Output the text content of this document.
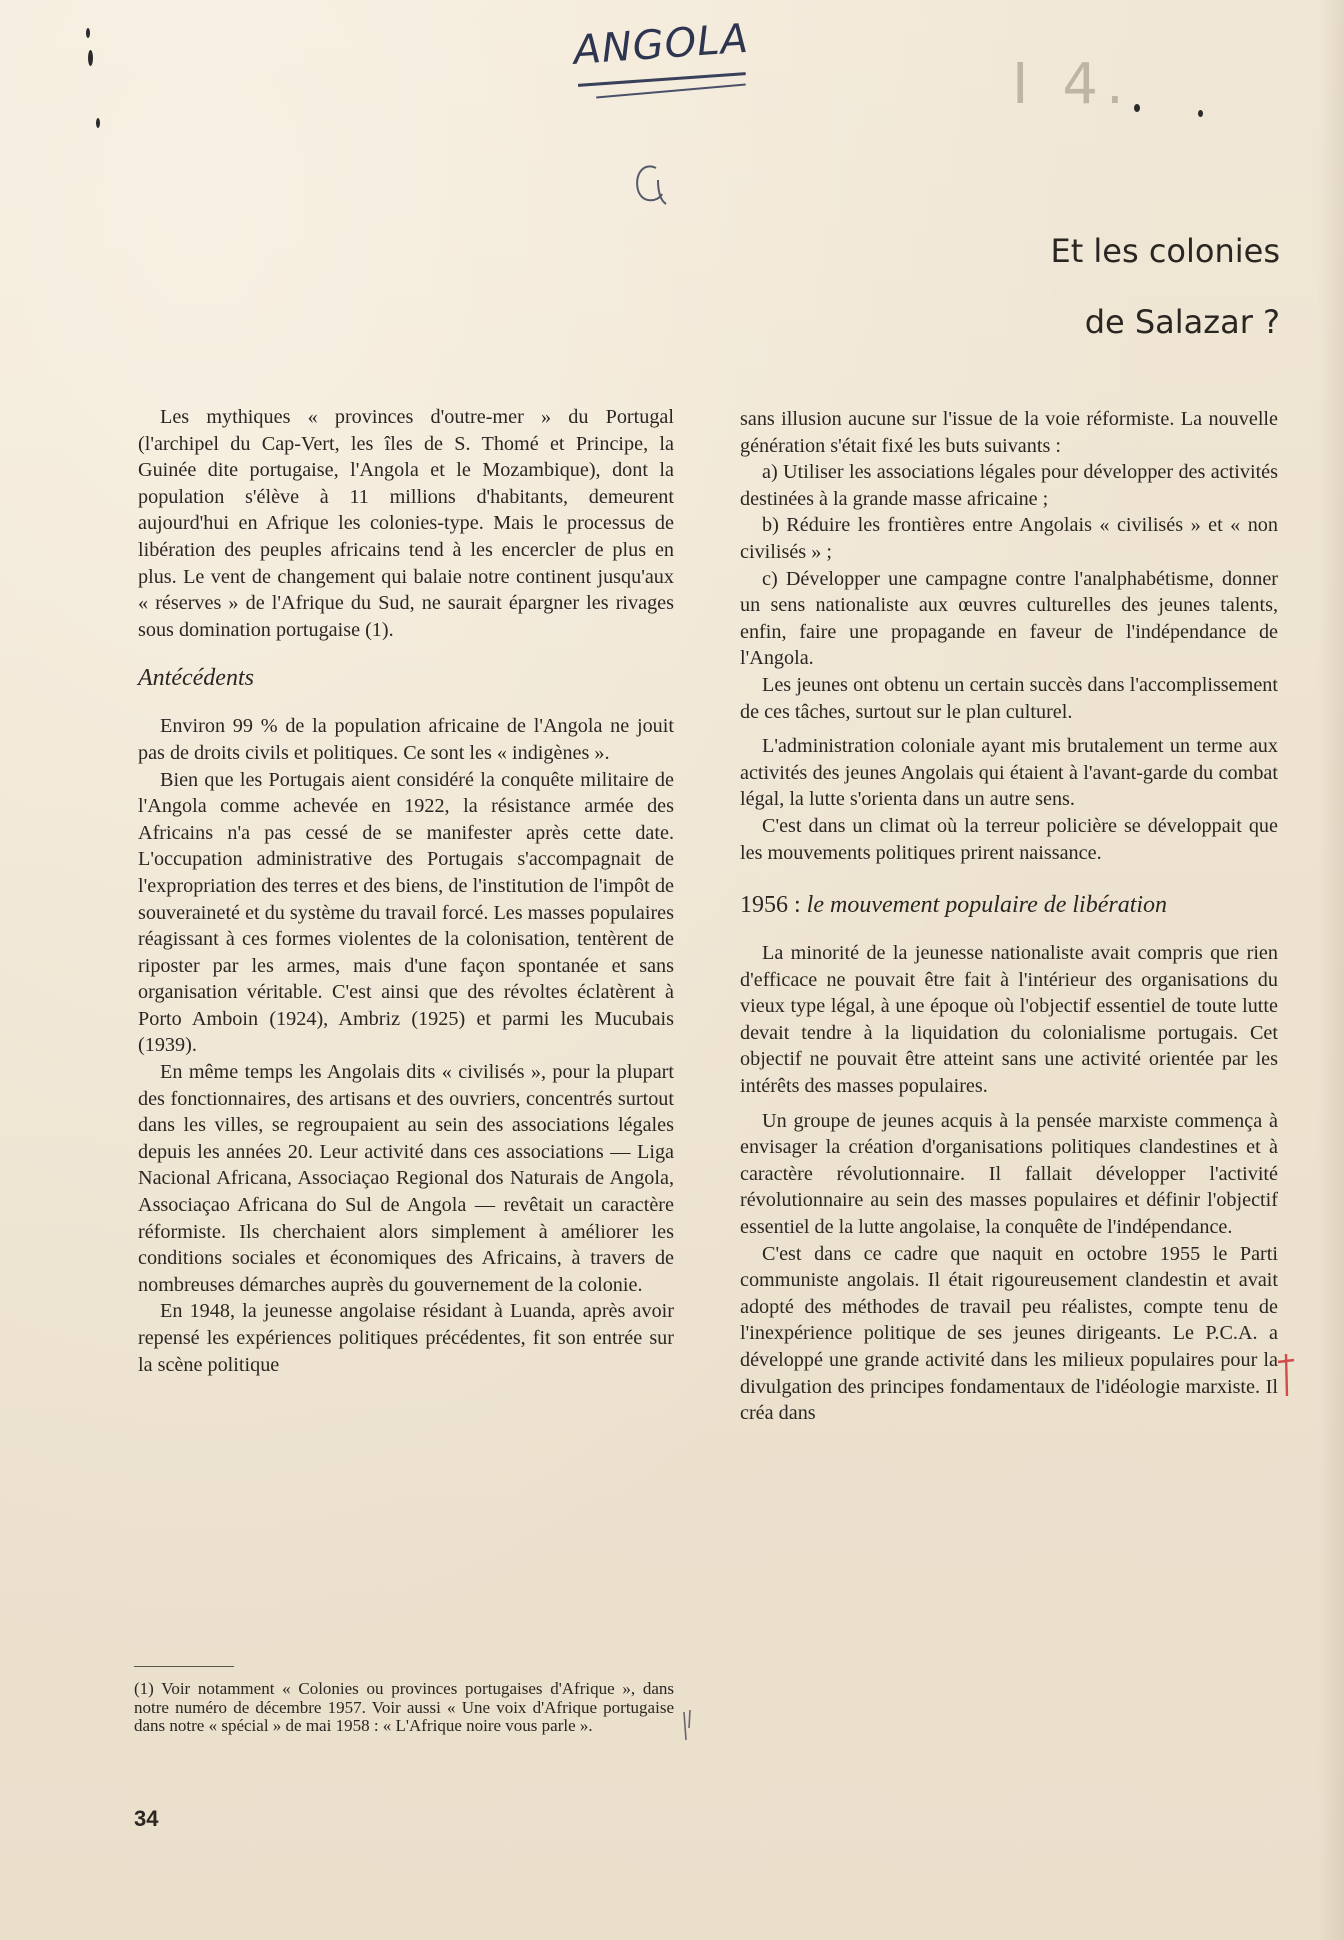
ANGOLA
I 4.
Et les colonies
de Salazar ?

Les mythiques « provinces d'outre-mer » du Portugal (l'archipel du Cap-Vert, les îles de S. Thomé et Principe, la Guinée dite portugaise, l'Angola et le Mozambique), dont la population s'élève à 11 millions d'habitants, demeurent aujourd'hui en Afrique les colonies-type. Mais le processus de libération des peuples africains tend à les encercler de plus en plus. Le vent de changement qui balaie notre continent jusqu'aux « réserves » de l'Afrique du Sud, ne saurait épargner les rivages sous domination portugaise (1).

Antécédents

Environ 99 % de la population africaine de l'Angola ne jouit pas de droits civils et politiques. Ce sont les « indigènes ».

Bien que les Portugais aient considéré la conquête militaire de l'Angola comme achevée en 1922, la résistance armée des Africains n'a pas cessé de se manifester après cette date. L'occupation administrative des Portugais s'accompagnait de l'expropriation des terres et des biens, de l'institution de l'impôt de souveraineté et du système du travail forcé. Les masses populaires réagissant à ces formes violentes de la colonisation, tentèrent de riposter par les armes, mais d'une façon spontanée et sans organisation véritable. C'est ainsi que des révoltes éclatèrent à Porto Amboin (1924), Ambriz (1925) et parmi les Mucubais (1939).

En même temps les Angolais dits « civilisés », pour la plupart des fonctionnaires, des artisans et des ouvriers, concentrés surtout dans les villes, se regroupaient au sein des associations légales depuis les années 20. Leur activité dans ces associations — Liga Nacional Africana, Associaçao Regional dos Naturais de Angola, Associaçao Africana do Sul de Angola — revêtait un caractère réformiste. Ils cherchaient alors simplement à améliorer les conditions sociales et économiques des Africains, à travers de nombreuses démarches auprès du gouvernement de la colonie.

En 1948, la jeunesse angolaise résidant à Luanda, après avoir repensé les expériences politiques précédentes, fit son entrée sur la scène politique

sans illusion aucune sur l'issue de la voie réformiste. La nouvelle génération s'était fixé les buts suivants :

a) Utiliser les associations légales pour développer des activités destinées à la grande masse africaine ;

b) Réduire les frontières entre Angolais « civilisés » et « non civilisés » ;

c) Développer une campagne contre l'analphabétisme, donner un sens nationaliste aux œuvres culturelles des jeunes talents, enfin, faire une propagande en faveur de l'indépendance de l'Angola.

Les jeunes ont obtenu un certain succès dans l'accomplissement de ces tâches, surtout sur le plan culturel.

L'administration coloniale ayant mis brutalement un terme aux activités des jeunes Angolais qui étaient à l'avant-garde du combat légal, la lutte s'orienta dans un autre sens.

C'est dans un climat où la terreur policière se développait que les mouvements politiques prirent naissance.

1956 : le mouvement populaire de libération

La minorité de la jeunesse nationaliste avait compris que rien d'efficace ne pouvait être fait à l'intérieur des organisations du vieux type légal, à une époque où l'objectif essentiel de toute lutte devait tendre à la liquidation du colonialisme portugais. Cet objectif ne pouvait être atteint sans une activité orientée par les intérêts des masses populaires.

Un groupe de jeunes acquis à la pensée marxiste commença à envisager la création d'organisations politiques clandestines et à caractère révolutionnaire. Il fallait développer l'activité révolutionnaire au sein des masses populaires et définir l'objectif essentiel de la lutte angolaise, la conquête de l'indépendance.

C'est dans ce cadre que naquit en octobre 1955 le Parti communiste angolais. Il était rigoureusement clandestin et avait adopté des méthodes de travail peu réalistes, compte tenu de l'inexpérience politique de ses jeunes dirigeants. Le P.C.A. a développé une grande activité dans les milieux populaires pour la divulgation des principes fondamentaux de l'idéologie marxiste. Il créa dans

(1) Voir notamment « Colonies ou provinces portugaises d'Afrique », dans notre numéro de décembre 1957. Voir aussi « Une voix d'Afrique portugaise dans notre « spécial » de mai 1958 : « L'Afrique noire vous parle ».
34
